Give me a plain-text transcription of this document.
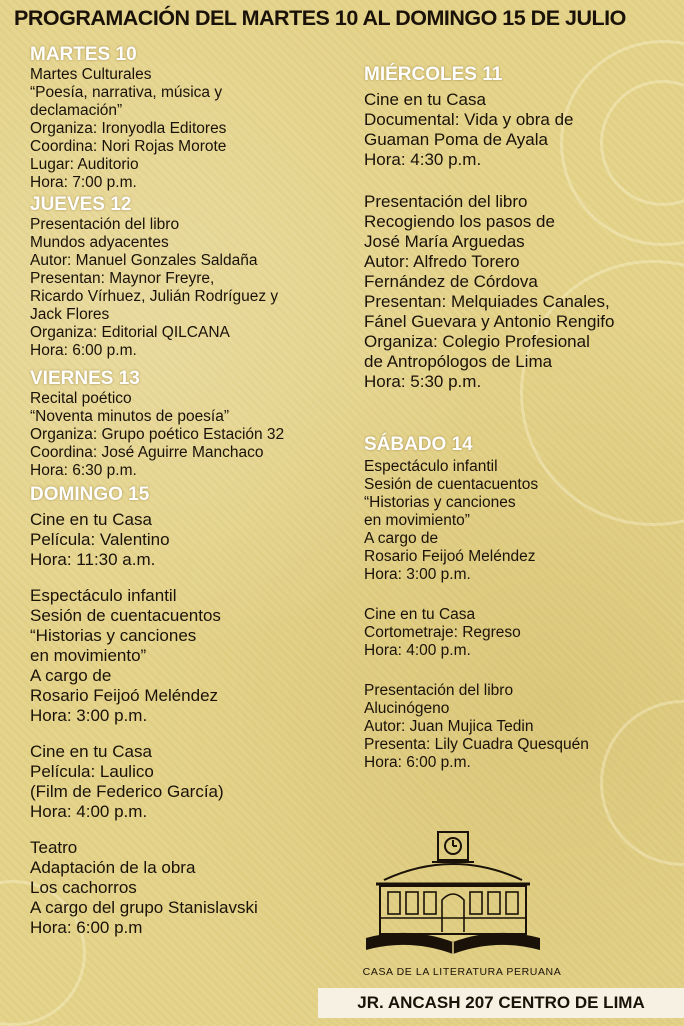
PROGRAMACIÓN DEL MARTES 10 AL DOMINGO 15 DE JULIO
MARTES 10
Martes Culturales
“Poesía, narrativa, música y
declamación”
Organiza: Ironyodla Editores
Coordina: Nori Rojas Morote
Lugar: Auditorio
Hora: 7:00 p.m.
JUEVES 12
Presentación del libro
Mundos adyacentes
Autor: Manuel Gonzales Saldaña
Presentan: Maynor Freyre,
Ricardo Vírhuez, Julián Rodríguez y
Jack Flores
Organiza: Editorial QILCANA
Hora: 6:00 p.m.
VIERNES 13
Recital poético
“Noventa minutos de poesía”
Organiza: Grupo poético Estación 32
Coordina: José Aguirre Manchaco
Hora: 6:30 p.m.
DOMINGO 15
Cine en tu Casa
Película: Valentino
Hora: 11:30 a.m.
Espectáculo infantil
Sesión de cuentacuentos
“Historias y canciones
en movimiento”
A cargo de
Rosario Feijoó Meléndez
Hora: 3:00 p.m.
Cine en tu Casa
Película: Laulico
(Film de Federico García)
Hora: 4:00 p.m.
Teatro
Adaptación de la obra
Los cachorros
A cargo del grupo Stanislavski
Hora: 6:00 p.m
MIÉRCOLES 11
Cine en tu Casa
Documental: Vida y obra de
Guaman Poma de Ayala
Hora: 4:30 p.m.
Presentación del libro
Recogiendo los pasos de
José María Arguedas
Autor: Alfredo Torero
Fernández de Córdova
Presentan: Melquiades Canales,
Fánel Guevara y Antonio Rengifo
Organiza: Colegio Profesional
de Antropólogos de Lima
Hora: 5:30 p.m.
SÁBADO 14
Espectáculo infantil
Sesión de cuentacuentos
“Historias y canciones
en movimiento”
A cargo de
Rosario Feijoó Meléndez
Hora: 3:00 p.m.
Cine en tu Casa
Cortometraje: Regreso
Hora: 4:00 p.m.
Presentación del libro
Alucinógeno
Autor: Juan Mujica Tedin
Presenta: Lily Cuadra Quesquén
Hora: 6:00 p.m.
CASA DE LA LITERATURA PERUANA
JR. ANCASH 207 CENTRO DE LIMA
